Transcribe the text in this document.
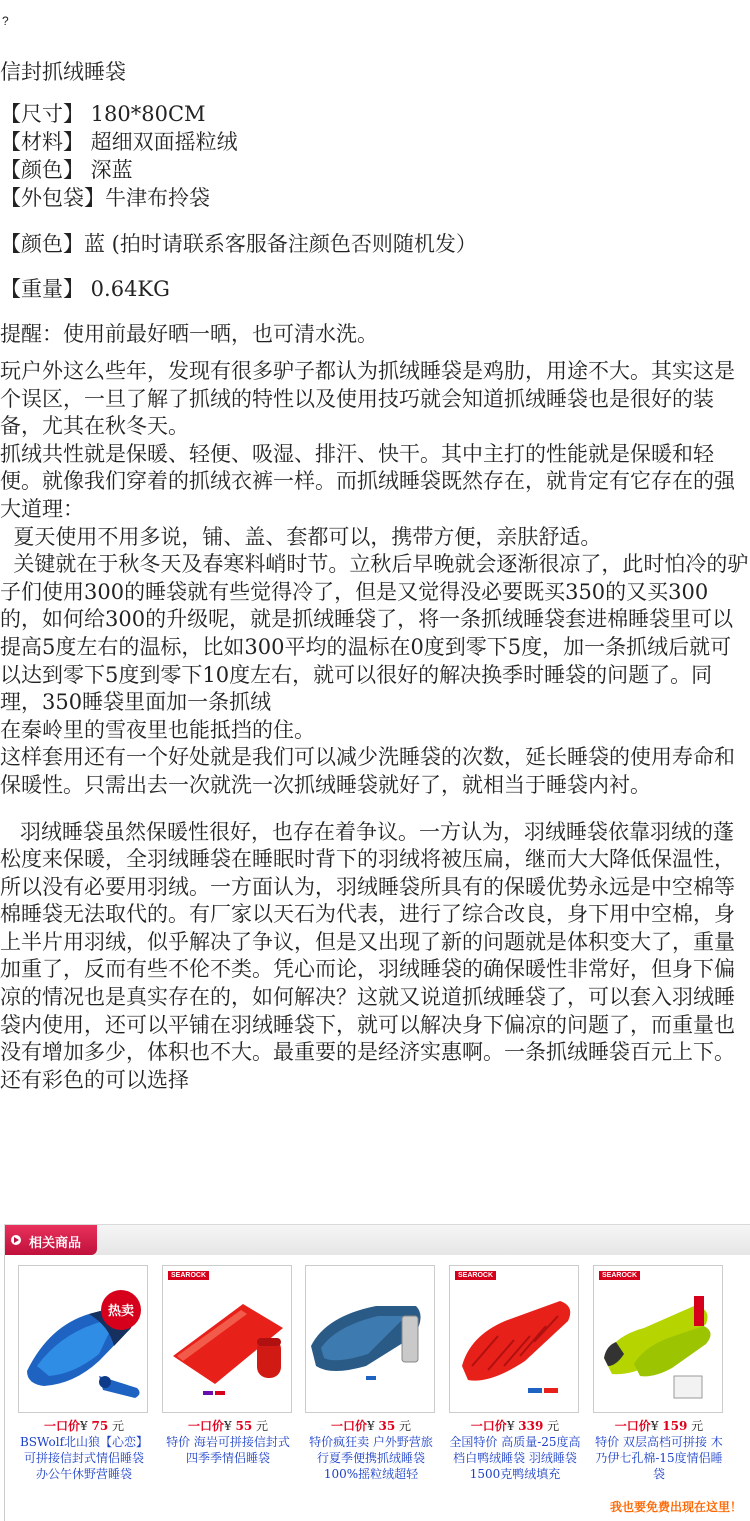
?
信封抓绒睡袋
【尺寸】 180*80CM
【材料】 超细双面摇粒绒
【颜色】 深蓝
【外包袋】牛津布拎袋
【颜色】蓝 (拍时请联系客服备注颜色否则随机发）
【重量】 0.64KG
提醒：使用前最好晒一晒，也可清水洗。

玩户外这么些年，发现有很多驴子都认为抓绒睡袋是鸡肋，用途不大。其实这是个误区，一旦了解了抓绒的特性以及使用技巧就会知道抓绒睡袋也是很好的装备，尤其在秋冬天。
抓绒共性就是保暖、轻便、吸湿、排汗、快干。其中主打的性能就是保暖和轻便。就像我们穿着的抓绒衣裤一样。而抓绒睡袋既然存在，就肯定有它存在的强大道理：
夏天使用不用多说，铺、盖、套都可以，携带方便，亲肤舒适。
关键就在于秋冬天及春寒料峭时节。立秋后早晚就会逐渐很凉了，此时怕冷的驴子们使用300的睡袋就有些觉得冷了，但是又觉得没必要既买350的又买300的，如何给300的升级呢，就是抓绒睡袋了，将一条抓绒睡袋套进棉睡袋里可以提高5度左右的温标，比如300平均的温标在0度到零下5度，加一条抓绒后就可以达到零下5度到零下10度左右，就可以很好的解决换季时睡袋的问题了。同理，350睡袋里面加一条抓绒
在秦岭里的雪夜里也能抵挡的住。
这样套用还有一个好处就是我们可以减少洗睡袋的次数，延长睡袋的使用寿命和保暖性。只需出去一次就洗一次抓绒睡袋就好了，就相当于睡袋内衬。

羽绒睡袋虽然保暖性很好，也存在着争议。一方认为，羽绒睡袋依靠羽绒的蓬松度来保暖，全羽绒睡袋在睡眠时背下的羽绒将被压扁，继而大大降低保温性，所以没有必要用羽绒。一方面认为，羽绒睡袋所具有的保暖优势永远是中空棉等棉睡袋无法取代的。有厂家以天石为代表，进行了综合改良，身下用中空棉，身上半片用羽绒，似乎解决了争议，但是又出现了新的问题就是体积变大了，重量加重了，反而有些不伦不类。凭心而论，羽绒睡袋的确保暖性非常好，但身下偏凉的情况也是真实存在的，如何解决？这就又说道抓绒睡袋了，可以套入羽绒睡袋内使用，还可以平铺在羽绒睡袋下，就可以解决身下偏凉的问题了，而重量也没有增加多少，体积也不大。最重要的是经济实惠啊。一条抓绒睡袋百元上下。还有彩色的可以选择

相关商品
热卖
一口价¥ 75 元
BSWolf北山狼【心恋】可拼接信封式情侣睡袋 办公午休野营睡袋
SEAROCK
一口价¥ 55 元
特价 海岩可拼接信封式四季季情侣睡袋
一口价¥ 35 元
特价疯狂卖 户外野营旅行夏季便携抓绒睡袋100%摇粒绒超轻
SEAROCK
一口价¥ 339 元
全国特价 高质量-25度高档白鸭绒睡袋 羽绒睡袋1500克鸭绒填充
SEAROCK
一口价¥ 159 元
特价 双层高档可拼接 木乃伊七孔棉-15度情侣睡袋
我也要免费出现在这里！
